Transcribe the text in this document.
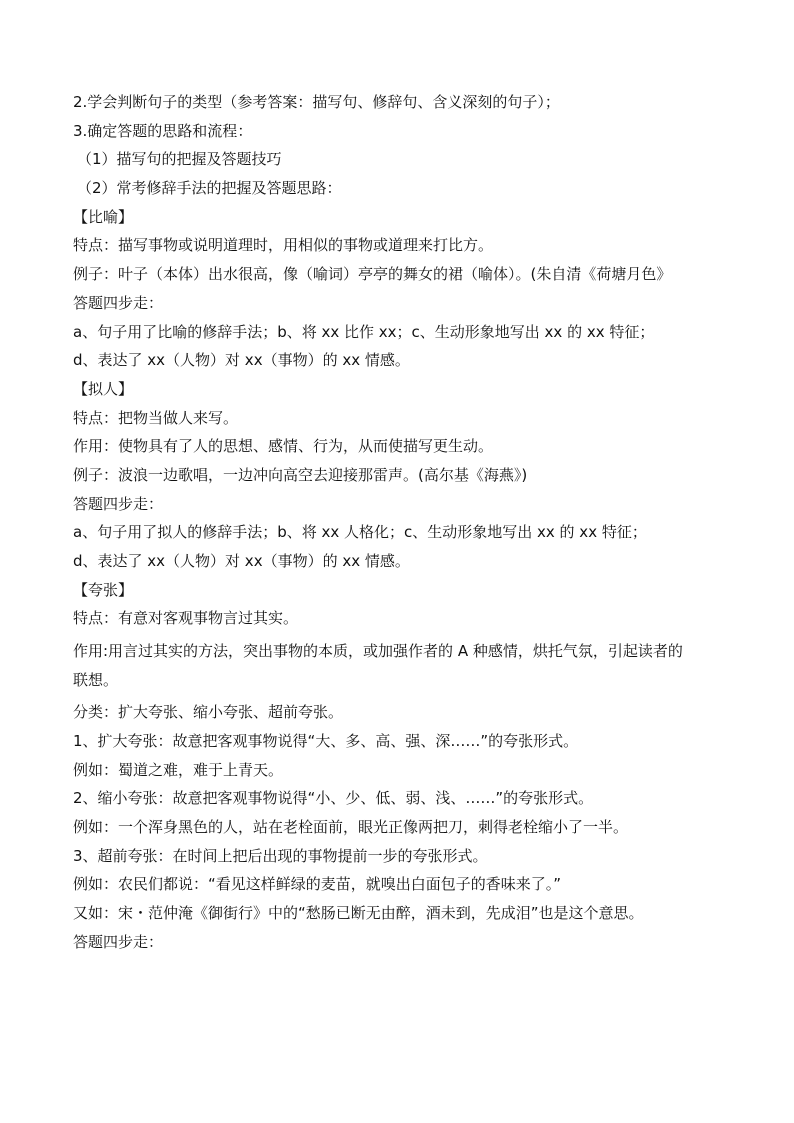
2.学会判断句子的类型（参考答案：描写句、修辞句、含义深刻的句子）；
3.确定答题的思路和流程：
（1）描写句的把握及答题技巧
（2）常考修辞手法的把握及答题思路：
【比喻】
特点：描写事物或说明道理时，用相似的事物或道理来打比方。
例子：叶子（本体）出水很高，像（喻词）亭亭的舞女的裙（喻体）。(朱自清《荷塘月色》
答题四步走：
a、句子用了比喻的修辞手法；b、将 xx 比作 xx；c、生动形象地写出 xx 的 xx 特征；
d、表达了 xx（人物）对 xx（事物）的 xx 情感。
【拟人】
特点：把物当做人来写。
作用：使物具有了人的思想、感情、行为，从而使描写更生动。
例子：波浪一边歌唱，一边冲向高空去迎接那雷声。(高尔基《海燕》)
答题四步走：
a、句子用了拟人的修辞手法；b、将 xx 人格化；c、生动形象地写出 xx 的 xx 特征；
d、表达了 xx（人物）对 xx（事物）的 xx 情感。
【夸张】
特点：有意对客观事物言过其实。
作用:用言过其实的方法，突出事物的本质，或加强作者的 A 种感情，烘托气氛，引起读者的
联想。
分类：扩大夸张、缩小夸张、超前夸张。
1、扩大夸张：故意把客观事物说得“大、多、高、强、深……”的夸张形式。
例如：蜀道之难，难于上青天。
2、缩小夸张：故意把客观事物说得“小、少、低、弱、浅、……”的夸张形式。
例如：一个浑身黑色的人，站在老栓面前，眼光正像两把刀，刺得老栓缩小了一半。
3、超前夸张：在时间上把后出现的事物提前一步的夸张形式。
例如：农民们都说：“看见这样鲜绿的麦苗，就嗅出白面包子的香味来了。”
又如：宋・范仲淹《御街行》中的“愁肠已断无由醉，酒未到，先成泪”也是这个意思。
答题四步走：
